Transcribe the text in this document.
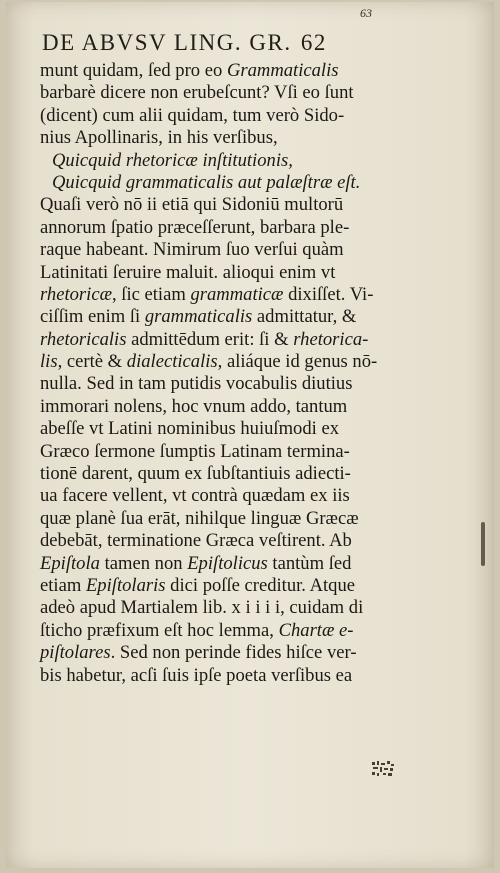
63
DE ABVSV LING. GR. 62
munt quidam, ſed pro eo Grammaticalis
barbarè dicere non erubeſcunt? Vſi eo ſunt
(dicent) cum alii quidam, tum verò Sido-
nius Apollinaris, in his verſibus,
Quicquid rhetoricæ inſtitutionis,
Quicquid grammaticalis aut palæſtræ eſt.
Quaſi verò nō ii etiā qui Sidoniū multorū
annorum ſpatio præceſſerunt, barbara ple-
raque habeant. Nimirum ſuo verſui quàm
Latinitati ſeruire maluit. alioqui enim vt
rhetoricæ, ſic etiam grammaticæ dixiſſet. Vi-
ciſſim enim ſi grammaticalis admittatur, &
rhetoricalis admittēdum erit: ſi & rhetorica-
lis, certè & dialecticalis, aliáque id genus nō-
nulla. Sed in tam putidis vocabulis diutius
immorari nolens, hoc vnum addo, tantum
abeſſe vt Latini nominibus huiuſmodi ex
Græco ſermone ſumptis Latinam termina-
tionē darent, quum ex ſubſtantiuis adiecti-
ua facere vellent, vt contrà quædam ex iis
quæ planè ſua erāt, nihilque linguæ Græcæ
debebāt, terminatione Græca veſtirent. Ab
Epiſtola tamen non Epiſtolicus tantùm ſed
etiam Epiſtolaris dici poſſe creditur. Atque
adeò apud Martialem lib. x i i i i, cuidam di
ſticho præfixum eſt hoc lemma, Chartæ e-
piſtolares. Sed non perinde fides hiſce ver-
bis habetur, acſi ſuis ipſe poeta verſibus ea
